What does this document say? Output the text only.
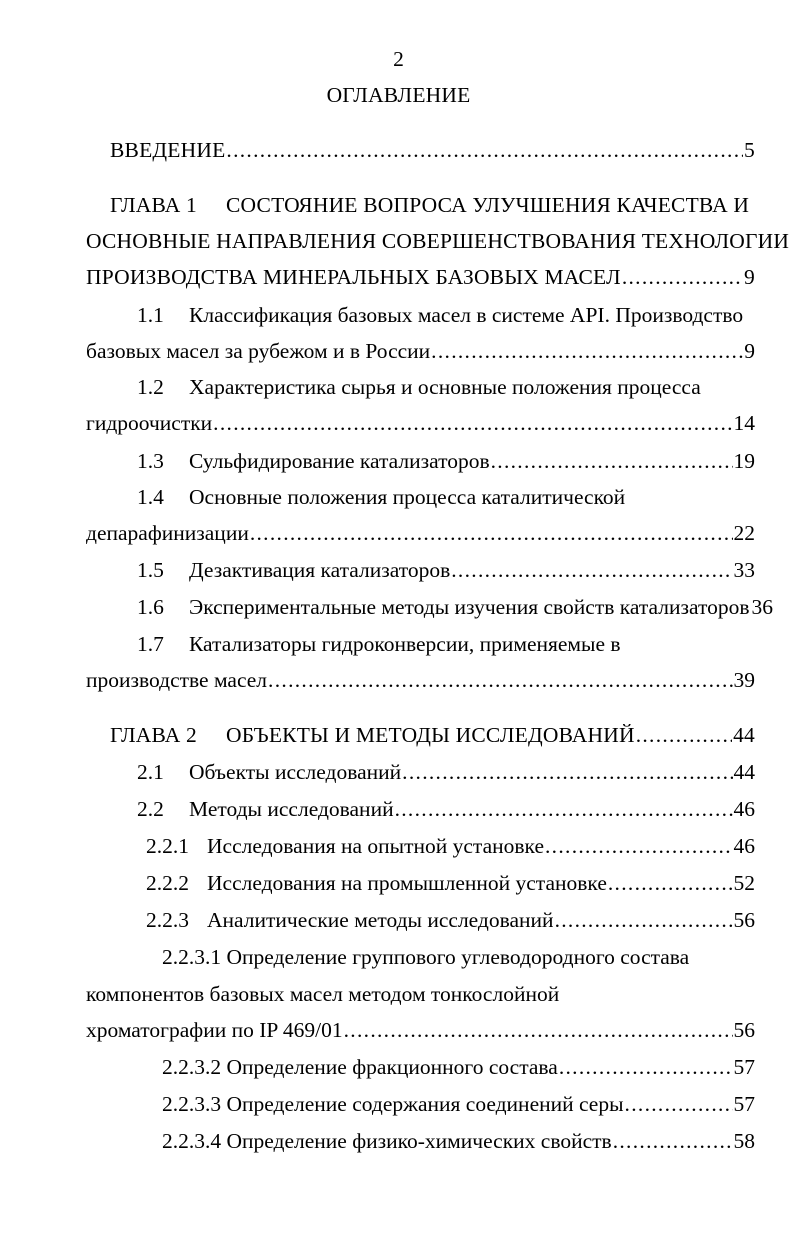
2
ОГЛАВЛЕНИЕ
ВВЕДЕНИЕ .....	5
ГЛАВА 1 СОСТОЯНИЕ ВОПРОСА УЛУЧШЕНИЯ КАЧЕСТВА И
ОСНОВНЫЕ НАПРАВЛЕНИЯ СОВЕРШЕНСТВОВАНИЯ ТЕХНОЛОГИИ
ПРОИЗВОДСТВА МИНЕРАЛЬНЫХ БАЗОВЫХ МАСЕЛ .....	9
1.1 Классификация базовых масел в системе API. Производство
базовых масел за рубежом и в России .....	9
1.2 Характеристика сырья и основные положения процесса
гидроочистки .....	14
1.3 Сульфидирование катализаторов .....	19
1.4 Основные положения процесса каталитической
депарафинизации .....	22
1.5 Дезактивация катализаторов .....	33
1.6 Экспериментальные методы изучения свойств катализаторов 36
1.7 Катализаторы гидроконверсии, применяемые в
производстве масел .....	39
ГЛАВА 2 ОБЪЕКТЫ И МЕТОДЫ ИССЛЕДОВАНИЙ .....	44
2.1 Объекты исследований .....	44
2.2 Методы исследований .....	46
2.2.1 Исследования на опытной установке .....	46
2.2.2 Исследования на промышленной установке .....	52
2.2.3 Аналитические методы исследований .....	56
2.2.3.1 Определение группового углеводородного состава
компонентов базовых масел методом тонкослойной
хроматографии по IP 469/01 .....	56
2.2.3.2 Определение фракционного состава .....	57
2.2.3.3 Определение содержания соединений серы .....	57
2.2.3.4 Определение физико-химических свойств .....	58
